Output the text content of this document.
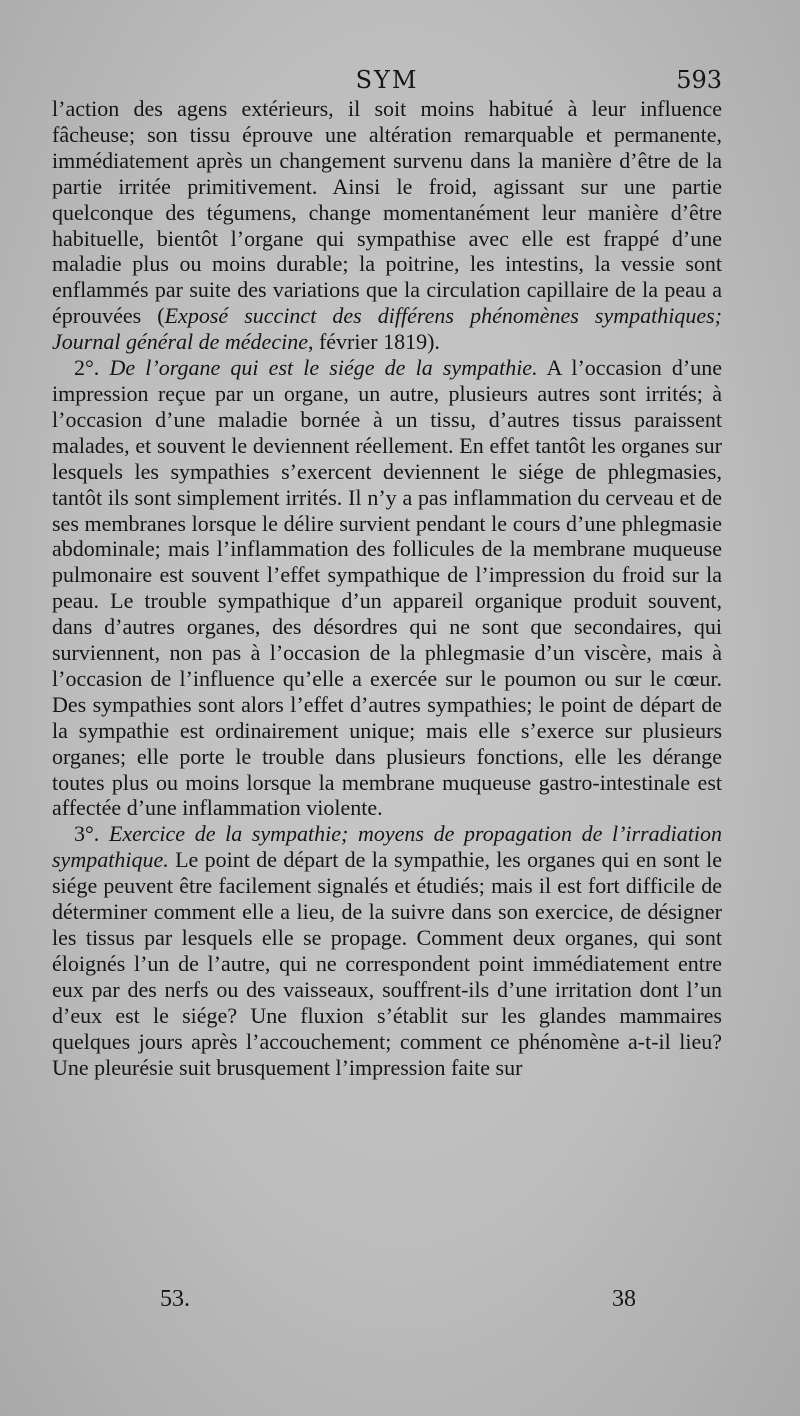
SYM	593

l’action des agens extérieurs, il soit moins habitué à leur influence fâcheuse; son tissu éprouve une altération remarquable et permanente, immédiatement après un changement survenu dans la manière d’être de la partie irritée primitivement. Ainsi le froid, agissant sur une partie quelconque des tégumens, change momentanément leur manière d’être habituelle, bientôt l’organe qui sympathise avec elle est frappé d’une maladie plus ou moins durable; la poitrine, les intestins, la vessie sont enflammés par suite des variations que la circulation capillaire de la peau a éprouvées (Exposé succinct des différens phénomènes sympathiques; Journal général de médecine, février 1819).

2°. De l’organe qui est le siége de la sympathie. A l’occasion d’une impression reçue par un organe, un autre, plusieurs autres sont irrités; à l’occasion d’une maladie bornée à un tissu, d’autres tissus paraissent malades, et souvent le deviennent réellement. En effet tantôt les organes sur lesquels les sympathies s’exercent deviennent le siége de phlegmasies, tantôt ils sont simplement irrités. Il n’y a pas inflammation du cerveau et de ses membranes lorsque le délire survient pendant le cours d’une phlegmasie abdominale; mais l’inflammation des follicules de la membrane muqueuse pulmonaire est souvent l’effet sympathique de l’impression du froid sur la peau. Le trouble sympathique d’un appareil organique produit souvent, dans d’autres organes, des désordres qui ne sont que secondaires, qui surviennent, non pas à l’occasion de la phlegmasie d’un viscère, mais à l’occasion de l’influence qu’elle a exercée sur le poumon ou sur le cœur. Des sympathies sont alors l’effet d’autres sympathies; le point de départ de la sympathie est ordinairement unique; mais elle s’exerce sur plusieurs organes; elle porte le trouble dans plusieurs fonctions, elle les dérange toutes plus ou moins lorsque la membrane muqueuse gastro-intestinale est affectée d’une inflammation violente.

3°. Exercice de la sympathie; moyens de propagation de l’irradiation sympathique. Le point de départ de la sympathie, les organes qui en sont le siége peuvent être facilement signalés et étudiés; mais il est fort difficile de déterminer comment elle a lieu, de la suivre dans son exercice, de désigner les tissus par lesquels elle se propage. Comment deux organes, qui sont éloignés l’un de l’autre, qui ne correspondent point immédiatement entre eux par des nerfs ou des vaisseaux, souffrent-ils d’une irritation dont l’un d’eux est le siége? Une fluxion s’établit sur les glandes mammaires quelques jours après l’accouchement; comment ce phénomène a-t-il lieu? Une pleurésie suit brusquement l’impression faite sur

53.	38
